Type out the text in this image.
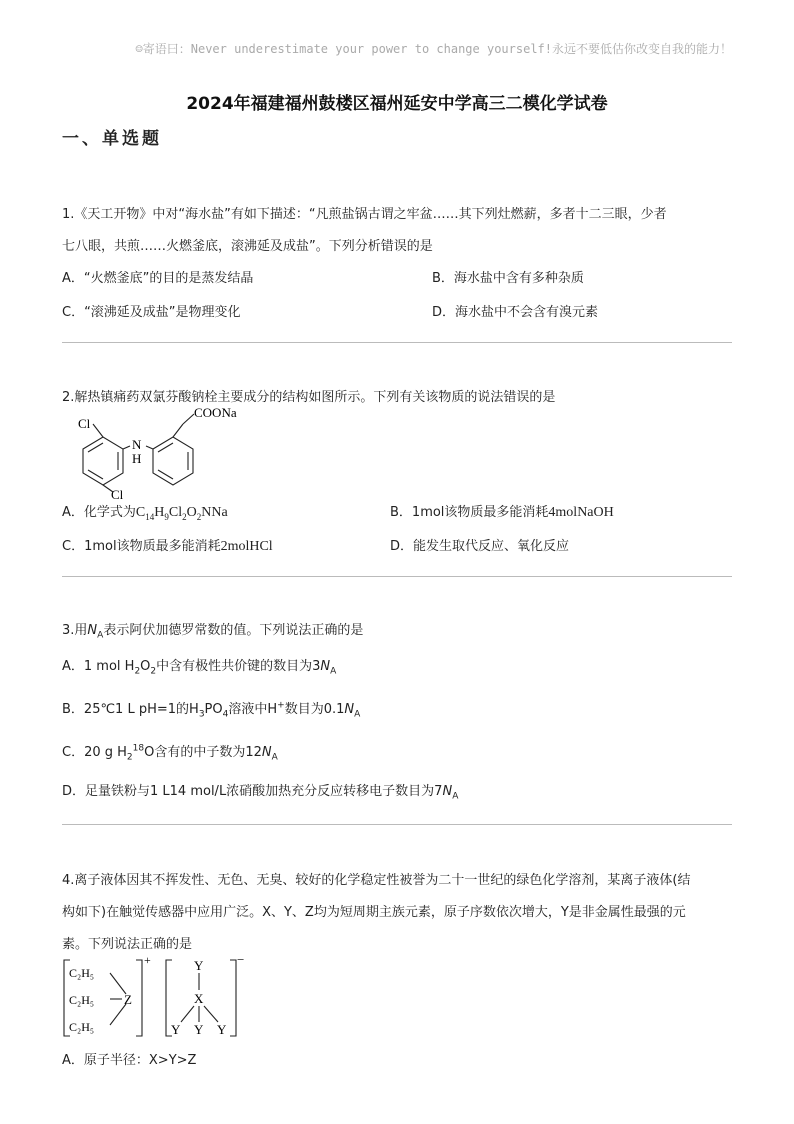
☺寄语曰：Never underestimate your power to change yourself!永远不要低估你改变自我的能力！
2024年福建福州鼓楼区福州延安中学高三二模化学试卷
一、单选题
1.《天工开物》中对“海水盐”有如下描述：“凡煎盐锅古谓之牢盆……其下列灶燃薪，多者十二三眼，少者
七八眼，共煎……火燃釜底，滚沸延及成盐”。下列分析错误的是
A．“火燃釜底”的目的是蒸发结晶	B．海水盐中含有多种杂质
C．“滚沸延及成盐”是物理变化	D．海水盐中不会含有溴元素
2.解热镇痛药双氯芬酸钠栓主要成分的结构如图所示。下列有关该物质的说法错误的是
Cl
Cl
N
H
COONa
A．化学式为$C_{14}H_9Cl_2O_2NNa$	B．1mol该物质最多能消耗4molNaOH
C．1mol该物质最多能消耗2molHCl	D．能发生取代反应、氧化反应
3.用$N_A$表示阿伏加德罗常数的值。下列说法正确的是
A．1 mol $H_2O_2$中含有极性共价键的数目为$3N_A$
B．25℃1 L pH=1的$H_3PO_4$溶液中H+数目为$0.1N_A$
C．20 g $H_2^{18}O$含有的中子数为$12N_A$
D．足量铁粉与1 L14 mol/L浓硝酸加热充分反应转移电子数目为$7N_A$
4.离子液体因其不挥发性、无色、无臭、较好的化学稳定性被誉为二十一世纪的绿色化学溶剂，某离子液体(结
构如下)在触觉传感器中应用广泛。X、Y、Z均为短周期主族元素，原子序数依次增大，Y是非金属性最强的元
素。下列说法正确的是
C₂H₅
C₂H₅
C₂H₅
Z
+	Y
X
Y Y Y
−
A．原子半径：X>Y>Z
